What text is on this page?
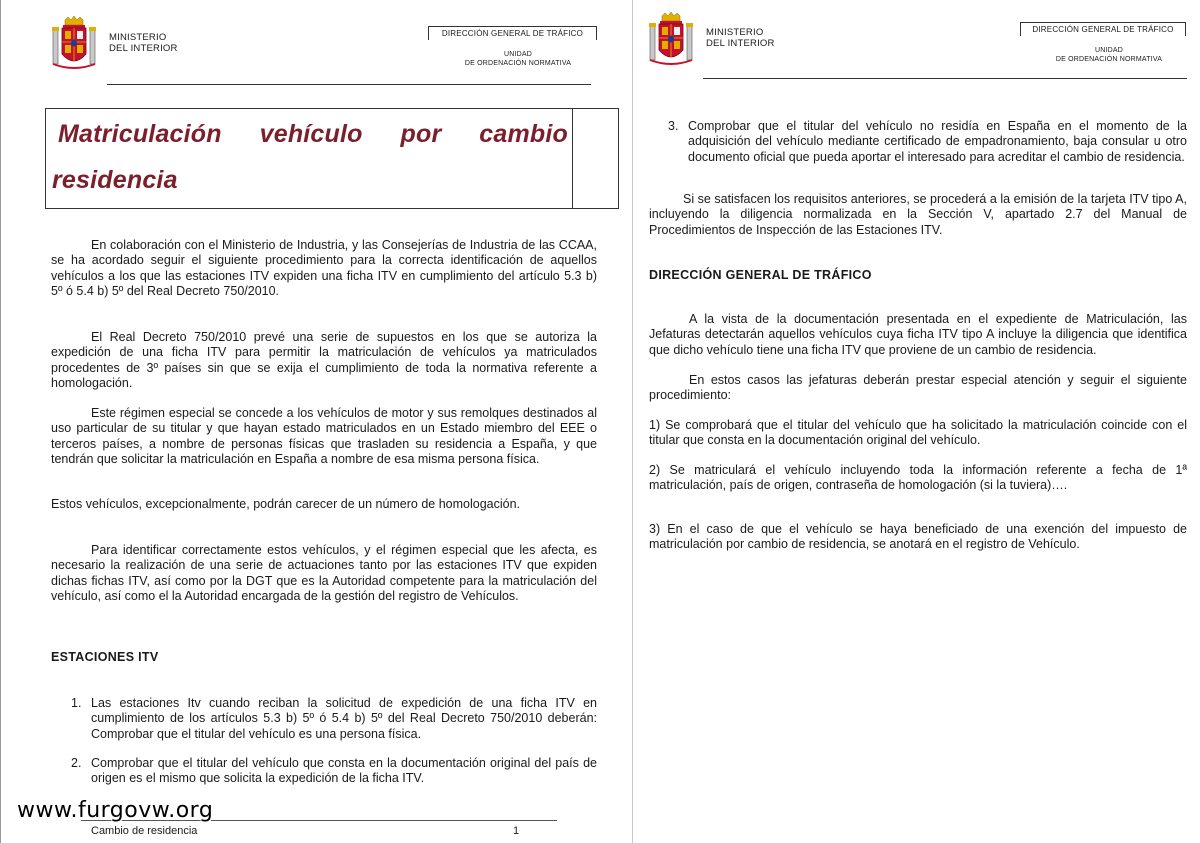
MINISTERIO
DEL INTERIOR
DIRECCIÓN GENERAL DE TRÁFICO
UNIDAD
DE ORDENACIÓN NORMATIVA
Matriculación vehículo por cambio
residencia
En colaboración con el Ministerio de Industria, y las Consejerías de Industria de las CCAA, se ha acordado seguir el siguiente procedimiento para la correcta identificación de aquellos vehículos a los que las estaciones ITV expiden una ficha ITV en cumplimiento del artículo 5.3 b) 5º ó 5.4 b) 5º del Real Decreto 750/2010.
El Real Decreto 750/2010 prevé una serie de supuestos en los que se autoriza la expedición de una ficha ITV para permitir la matriculación de vehículos ya matriculados procedentes de 3º países sin que se exija el cumplimiento de toda la normativa referente a homologación.
Este régimen especial se concede a los vehículos de motor y sus remolques destinados al uso particular de su titular y que hayan estado matriculados en un Estado miembro del EEE o terceros países, a nombre de personas físicas que trasladen su residencia a España, y que tendrán que solicitar la matriculación en España a nombre de esa misma persona física.
Estos vehículos, excepcionalmente, podrán carecer de un número de homologación.
Para identificar correctamente estos vehículos, y el régimen especial que les afecta, es necesario la realización de una serie de actuaciones tanto por las estaciones ITV que expiden dichas fichas ITV, así como por la DGT que es la Autoridad competente para la matriculación del vehículo, así como el la Autoridad encargada de la gestión del registro de Vehículos.
ESTACIONES ITV
1. Las estaciones Itv cuando reciban la solicitud de expedición de una ficha ITV en cumplimiento de los artículos 5.3 b) 5º ó 5.4 b) 5º del Real Decreto 750/2010 deberán: Comprobar que el titular del vehículo es una persona física.
2. Comprobar que el titular del vehículo que consta en la documentación original del país de origen es el mismo que solicita la expedición de la ficha ITV.
Cambio de residencia	1
www.furgovw.org
MINISTERIO
DEL INTERIOR
DIRECCIÓN GENERAL DE TRÁFICO
UNIDAD
DE ORDENACIÓN NORMATIVA
3. Comprobar que el titular del vehículo no residía en España en el momento de la adquisición del vehículo mediante certificado de empadronamiento, baja consular u otro documento oficial que pueda aportar el interesado para acreditar el cambio de residencia.
Si se satisfacen los requisitos anteriores, se procederá a la emisión de la tarjeta ITV tipo A, incluyendo la diligencia normalizada en la Sección V, apartado 2.7 del Manual de Procedimientos de Inspección de las Estaciones ITV.
DIRECCIÓN GENERAL DE TRÁFICO
A la vista de la documentación presentada en el expediente de Matriculación, las Jefaturas detectarán aquellos vehículos cuya ficha ITV tipo A incluye la diligencia que identifica que dicho vehículo tiene una ficha ITV que proviene de un cambio de residencia.
En estos casos las jefaturas deberán prestar especial atención y seguir el siguiente procedimiento:
1) Se comprobará que el titular del vehículo que ha solicitado la matriculación coincide con el titular que consta en la documentación original del vehículo.
2) Se matriculará el vehículo incluyendo toda la información referente a fecha de 1ª matriculación, país de origen, contraseña de homologación (si la tuviera)….
3) En el caso de que el vehículo se haya beneficiado de una exención del impuesto de matriculación por cambio de residencia, se anotará en el registro de Vehículo.
